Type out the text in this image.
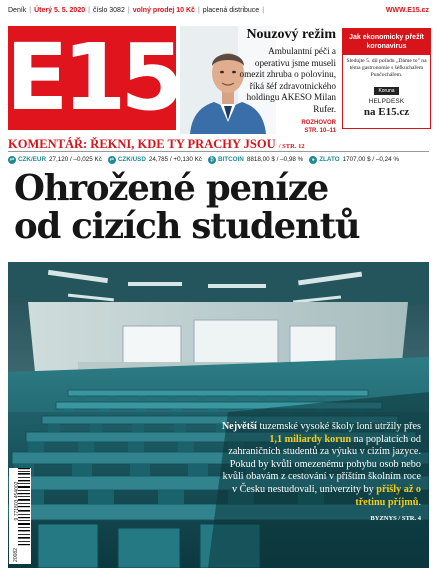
Deník | Úterý 5. 5. 2020 | číslo 3082 | volný prodej 10 Kč | placená distribuce |	WWW.E15.cz
E15	Nouzový režim
Ambulantní péči a operativu jsme museli omezit zhruba o polovinu, říká šéf zdravotnického holdingu AKESO Milan Rufer.
ROZHOVOR
STR. 10–11
Jak ekonomicky přežít koronavirus
Sledujte 5. díl pořadu „Dáme to" na téma gastronomie s šéfkuchařem Punčochářem.
Koruna
HELPDESK
na E15.cz
KOMENTÁŘ: ŘEKNI, KDE TY PRACHY JSOU / STR. 12
⇄ CZK/EUR 27,120
/ –0,025 Kč	⇄ CZK/USD 24,785
/ +0,130 Kč	₿ BITCOIN 8818,00 $
/ –0,98 %	● ZLATO 1707,00 $
/ –0,24 %
Ohrožené peníze
od cizích studentů
Největší tuzemské vysoké školy loni utržily přes 1,1 miliardy korun na poplatcích od zahraničních studentů za výuku v cizím jazyce. Pokud by kvůli omezenému pohybu osob nebo kvůli obavám z cestování v příštím školním roce v Česku nestudovali, univerzity by přišly až o třetinu příjmů.
BYZNYS / STR. 4
9 771803 454002
20082
